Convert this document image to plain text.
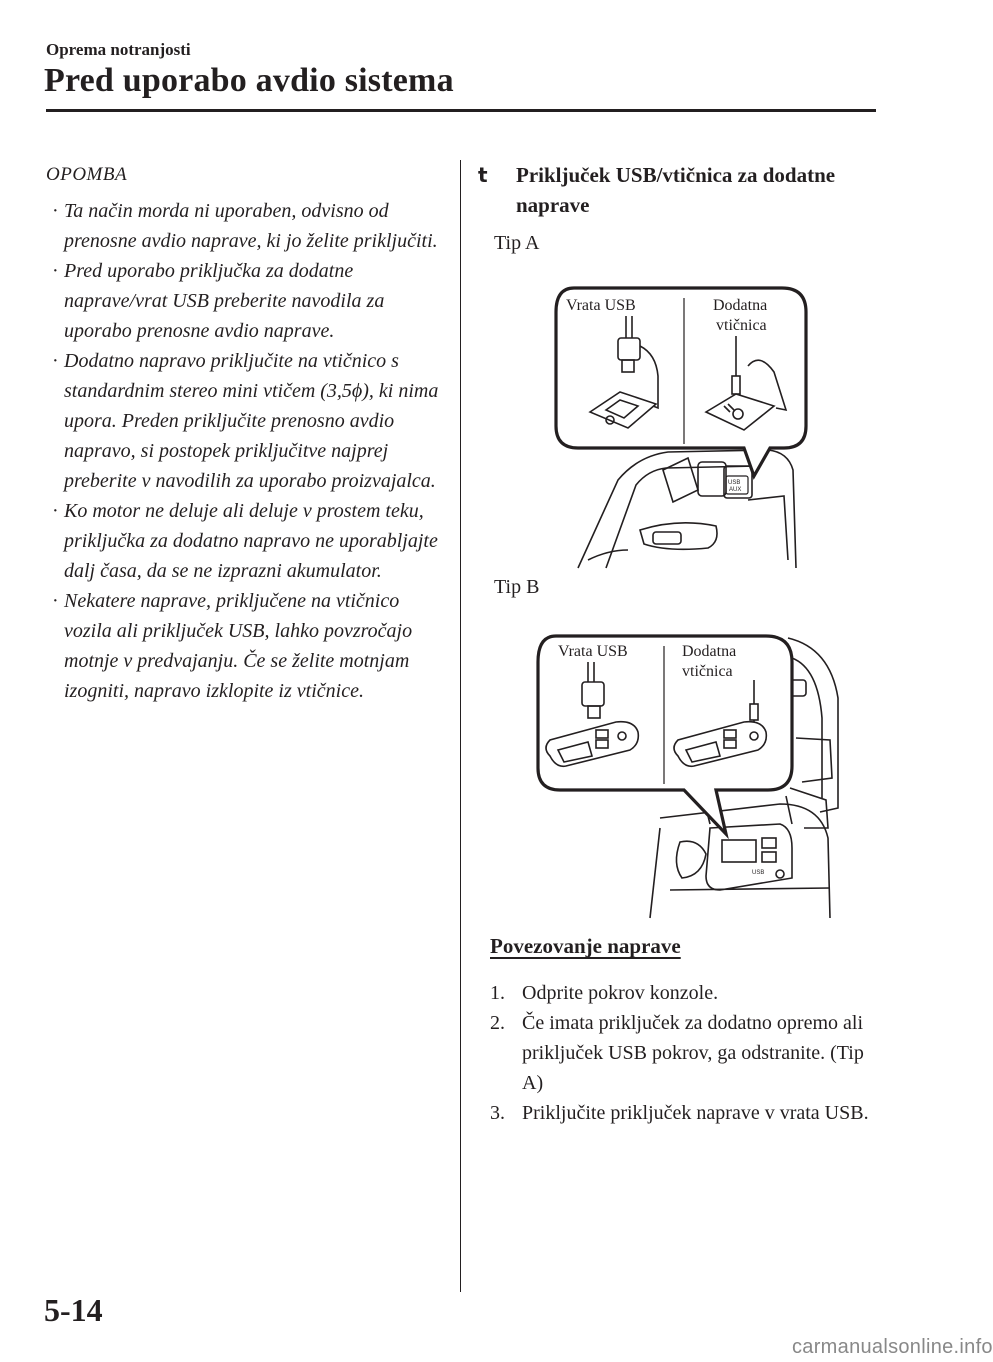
Oprema notranjosti
Pred uporabo avdio sistema
OPOMBA
· Ta način morda ni uporaben, odvisno od prenosne avdio naprave, ki jo želite priključiti.
· Pred uporabo priključka za dodatne naprave/vrat USB preberite navodila za uporabo prenosne avdio naprave.
· Dodatno napravo priključite na vtičnico s standardnim stereo mini vtičem (3,5ϕ), ki nima upora. Preden priključite prenosno avdio napravo, si postopek priključitve najprej preberite v navodilih za uporabo proizvajalca.
· Ko motor ne deluje ali deluje v prostem teku, priključka za dodatno napravo ne uporabljajte dalj časa, da se ne izprazni akumulator.
· Nekatere naprave, priključene na vtičnico vozila ali priključek USB, lahko povzročajo motnje v predvajanju. Če se želite motnjam izogniti, napravo izklopite iz vtičnice.
t Priključek USB/vtičnica za dodatne naprave
Tip A
USB
AUX
Vrata USB	Dodatna
vtičnica
Tip B
USB
Vrata USB	Dodatna
vtičnica
Povezovanje naprave
1. Odprite pokrov konzole.
2. Če imata priključek za dodatno opremo ali priključek USB pokrov, ga odstranite. (Tip A)
3. Priključite priključek naprave v vrata USB.
5-14
carmanualsonline.info
